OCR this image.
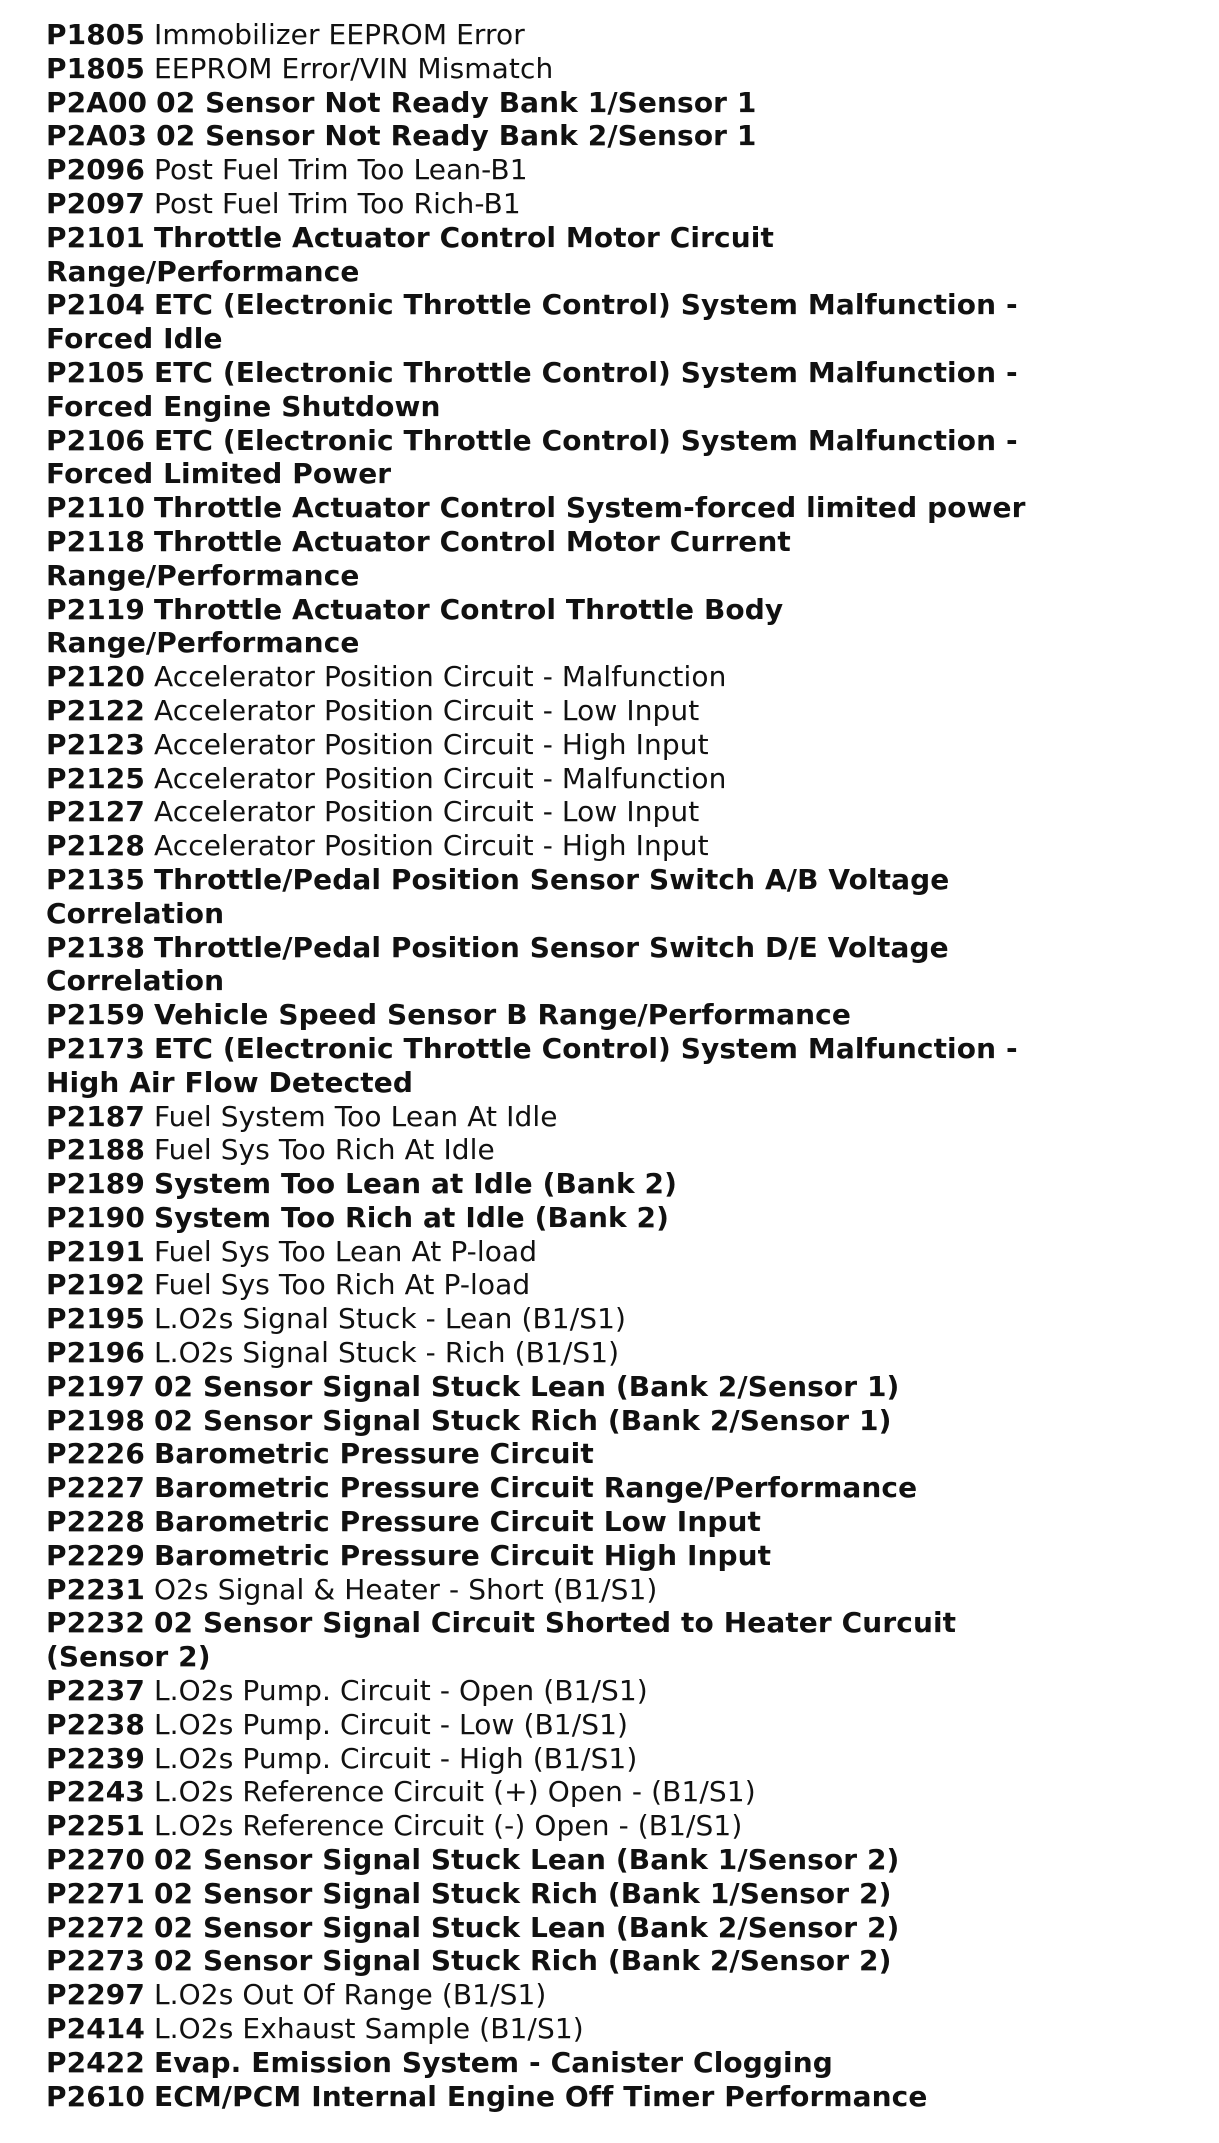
P1805 Immobilizer EEPROM Error
P1805 EEPROM Error/VIN Mismatch
P2A00 02 Sensor Not Ready Bank 1/Sensor 1
P2A03 02 Sensor Not Ready Bank 2/Sensor 1
P2096 Post Fuel Trim Too Lean-B1
P2097 Post Fuel Trim Too Rich-B1
P2101 Throttle Actuator Control Motor Circuit
Range/Performance
P2104 ETC (Electronic Throttle Control) System Malfunction -
Forced Idle
P2105 ETC (Electronic Throttle Control) System Malfunction -
Forced Engine Shutdown
P2106 ETC (Electronic Throttle Control) System Malfunction -
Forced Limited Power
P2110 Throttle Actuator Control System-forced limited power
P2118 Throttle Actuator Control Motor Current
Range/Performance
P2119 Throttle Actuator Control Throttle Body
Range/Performance
P2120 Accelerator Position Circuit - Malfunction
P2122 Accelerator Position Circuit - Low Input
P2123 Accelerator Position Circuit - High Input
P2125 Accelerator Position Circuit - Malfunction
P2127 Accelerator Position Circuit - Low Input
P2128 Accelerator Position Circuit - High Input
P2135 Throttle/Pedal Position Sensor Switch A/B Voltage
Correlation
P2138 Throttle/Pedal Position Sensor Switch D/E Voltage
Correlation
P2159 Vehicle Speed Sensor B Range/Performance
P2173 ETC (Electronic Throttle Control) System Malfunction -
High Air Flow Detected
P2187 Fuel System Too Lean At Idle
P2188 Fuel Sys Too Rich At Idle
P2189 System Too Lean at Idle (Bank 2)
P2190 System Too Rich at Idle (Bank 2)
P2191 Fuel Sys Too Lean At P-load
P2192 Fuel Sys Too Rich At P-load
P2195 L.O2s Signal Stuck - Lean (B1/S1)
P2196 L.O2s Signal Stuck - Rich (B1/S1)
P2197 02 Sensor Signal Stuck Lean (Bank 2/Sensor 1)
P2198 02 Sensor Signal Stuck Rich (Bank 2/Sensor 1)
P2226 Barometric Pressure Circuit
P2227 Barometric Pressure Circuit Range/Performance
P2228 Barometric Pressure Circuit Low Input
P2229 Barometric Pressure Circuit High Input
P2231 O2s Signal & Heater - Short (B1/S1)
P2232 02 Sensor Signal Circuit Shorted to Heater Curcuit
(Sensor 2)
P2237 L.O2s Pump. Circuit - Open (B1/S1)
P2238 L.O2s Pump. Circuit - Low (B1/S1)
P2239 L.O2s Pump. Circuit - High (B1/S1)
P2243 L.O2s Reference Circuit (+) Open - (B1/S1)
P2251 L.O2s Reference Circuit (-) Open - (B1/S1)
P2270 02 Sensor Signal Stuck Lean (Bank 1/Sensor 2)
P2271 02 Sensor Signal Stuck Rich (Bank 1/Sensor 2)
P2272 02 Sensor Signal Stuck Lean (Bank 2/Sensor 2)
P2273 02 Sensor Signal Stuck Rich (Bank 2/Sensor 2)
P2297 L.O2s Out Of Range (B1/S1)
P2414 L.O2s Exhaust Sample (B1/S1)
P2422 Evap. Emission System - Canister Clogging
P2610 ECM/PCM Internal Engine Off Timer Performance
